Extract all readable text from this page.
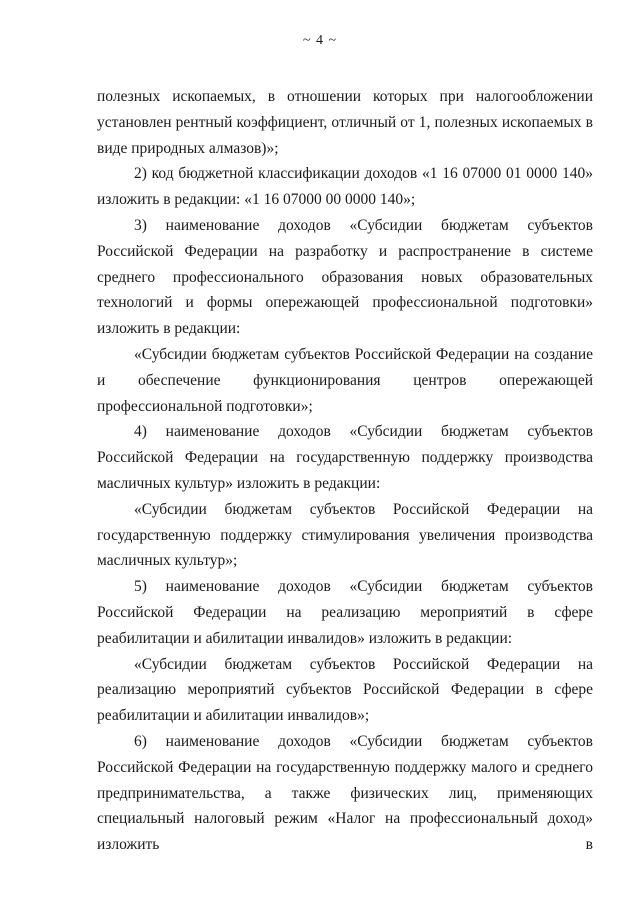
~ 4 ~

полезных ископаемых, в отношении которых при налогообложении установлен рентный коэффициент, отличный от 1, полезных ископаемых в виде природных алмазов)»;

2) код бюджетной классификации доходов «1 16 07000 01 0000 140» изложить в редакции: «1 16 07000 00 0000 140»;

3) наименование доходов «Субсидии бюджетам субъектов Российской Федерации на разработку и распространение в системе среднего профессионального образования новых образовательных технологий и формы опережающей профессиональной подготовки» изложить в редакции:

«Субсидии бюджетам субъектов Российской Федерации на создание и обеспечение функционирования центров опережающей профессиональной подготовки»;

4) наименование доходов «Субсидии бюджетам субъектов Российской Федерации на государственную поддержку производства масличных культур» изложить в редакции:

«Субсидии бюджетам субъектов Российской Федерации на государственную поддержку стимулирования увеличения производства масличных культур»;

5) наименование доходов «Субсидии бюджетам субъектов Российской Федерации на реализацию мероприятий в сфере реабилитации и абилитации инвалидов» изложить в редакции:

«Субсидии бюджетам субъектов Российской Федерации на реализацию мероприятий субъектов Российской Федерации в сфере реабилитации и абилитации инвалидов»;

6) наименование доходов «Субсидии бюджетам субъектов Российской Федерации на государственную поддержку малого и среднего предпринимательства, а также физических лиц, применяющих специальный налоговый режим «Налог на профессиональный доход» изложить в
